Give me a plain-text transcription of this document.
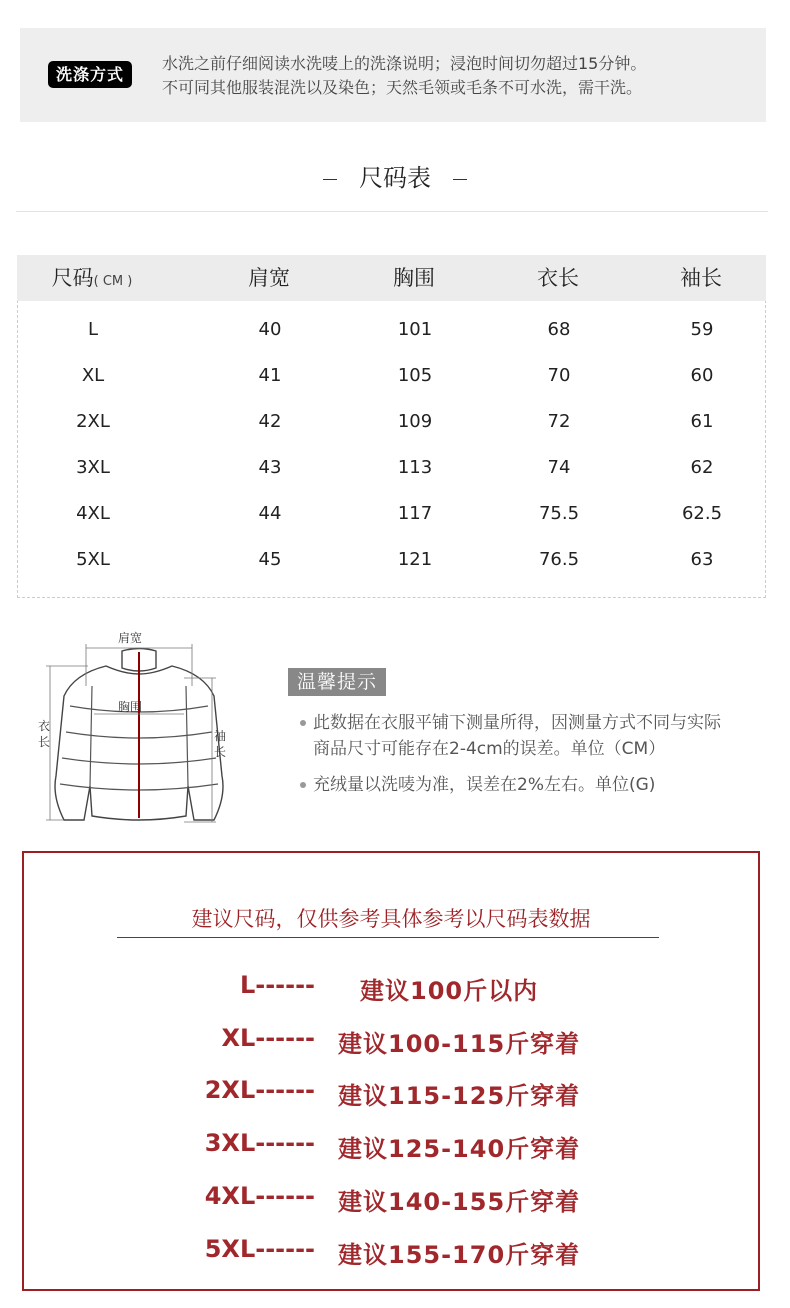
洗涤方式
水洗之前仔细阅读水洗唛上的洗涤说明；浸泡时间切勿超过15分钟。
不可同其他服装混洗以及染色；天然毛领或毛条不可水洗，需干洗。
尺码表
尺码( CM )	肩宽	胸围	衣长	袖长
L	40	101	68	59
XL	41	105	70	60
2XL	42	109	72	61
3XL	43	113	74	62
4XL	44	117	75.5	62.5
5XL	45	121	76.5	63
肩宽
胸围
衣
长	袖
长
温馨提示
此数据在衣服平铺下测量所得，因测量方式不同与实际
商品尺寸可能存在2-4cm的误差。单位（CM）
充绒量以洗唛为准，误差在2%左右。单位(G)
建议尺码，仅供参考具体参考以尺码表数据
L------ 建议100斤以内
XL------ 建议100-115斤穿着
2XL------ 建议115-125斤穿着
3XL------ 建议125-140斤穿着
4XL------ 建议140-155斤穿着
5XL------ 建议155-170斤穿着
